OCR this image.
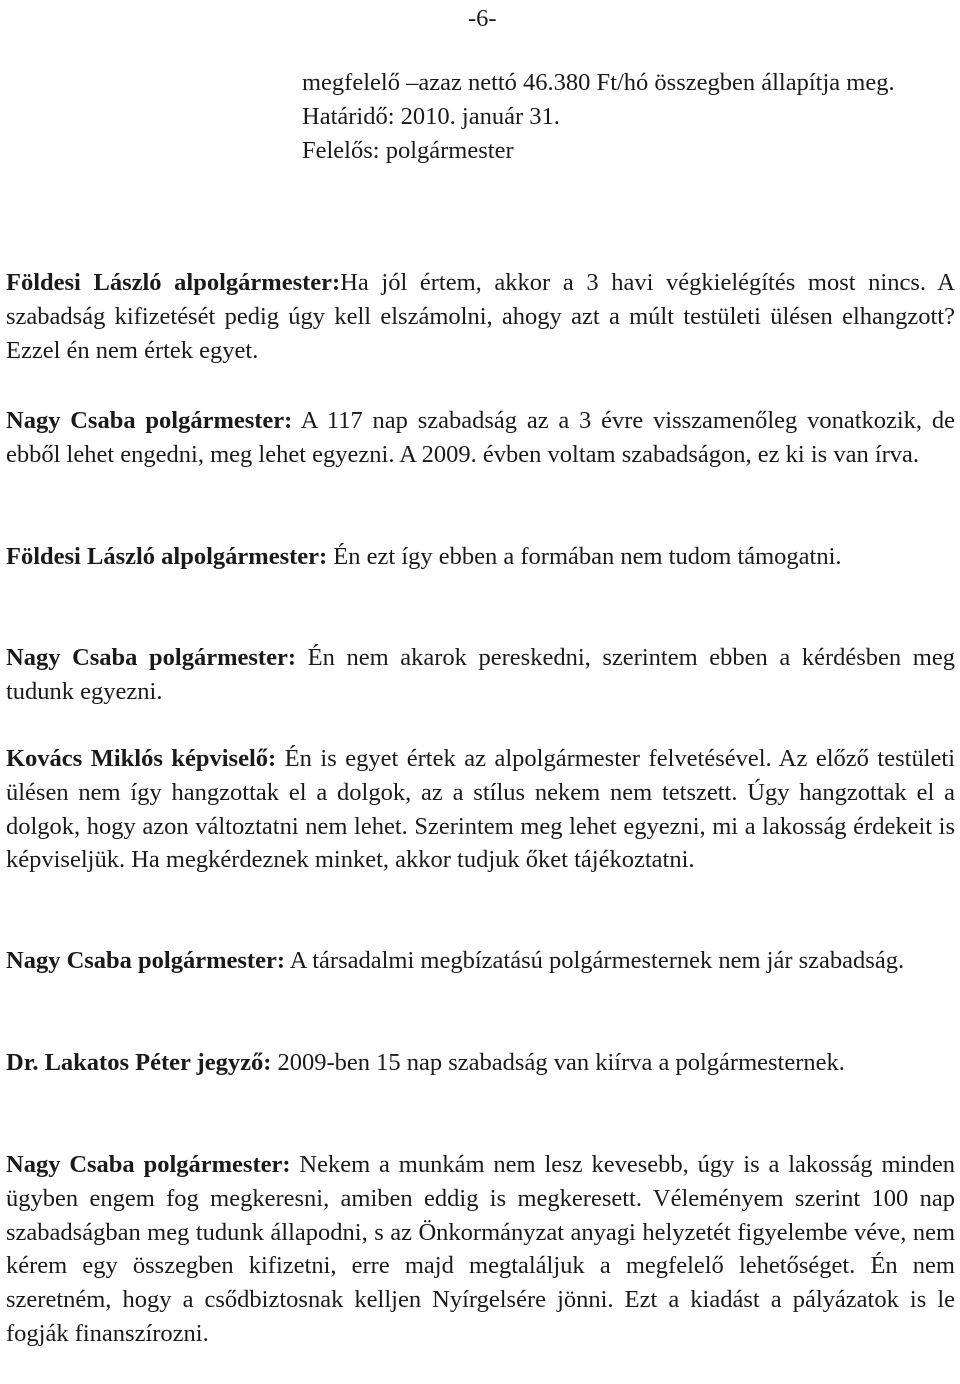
-6-

megfelelő –azaz nettó 46.380 Ft/hó összegben állapítja meg.

Határidő: 2010. január 31.

Felelős: polgármester

Földesi László alpolgármester:Ha jól értem, akkor a 3 havi végkielégítés most nincs. A szabadság kifizetését pedig úgy kell elszámolni, ahogy azt a múlt testületi ülésen elhangzott? Ezzel én nem értek egyet.

Nagy Csaba polgármester: A 117 nap szabadság az a 3 évre visszamenőleg vonatkozik, de ebből lehet engedni, meg lehet egyezni. A 2009. évben voltam szabadságon, ez ki is van írva.

Földesi László alpolgármester: Én ezt így ebben a formában nem tudom támogatni.

Nagy Csaba polgármester: Én nem akarok pereskedni, szerintem ebben a kérdésben meg tudunk egyezni.

Kovács Miklós képviselő: Én is egyet értek az alpolgármester felvetésével. Az előző testületi ülésen nem így hangzottak el a dolgok, az a stílus nekem nem tetszett. Úgy hangzottak el a dolgok, hogy azon változtatni nem lehet. Szerintem meg lehet egyezni, mi a lakosság érdekeit is képviseljük. Ha megkérdeznek minket, akkor tudjuk őket tájékoztatni.

Nagy Csaba polgármester: A társadalmi megbízatású polgármesternek nem jár szabadság.

Dr. Lakatos Péter jegyző: 2009-ben 15 nap szabadság van kiírva a polgármesternek.

Nagy Csaba polgármester: Nekem a munkám nem lesz kevesebb, úgy is a lakosság minden ügyben engem fog megkeresni, amiben eddig is megkeresett. Véleményem szerint 100 nap szabadságban meg tudunk állapodni, s az Önkormányzat anyagi helyzetét figyelembe véve, nem kérem egy összegben kifizetni, erre majd megtaláljuk a megfelelő lehetőséget. Én nem szeretném, hogy a csődbiztosnak kelljen Nyírgelsére jönni. Ezt a kiadást a pályázatok is le fogják finanszírozni.
